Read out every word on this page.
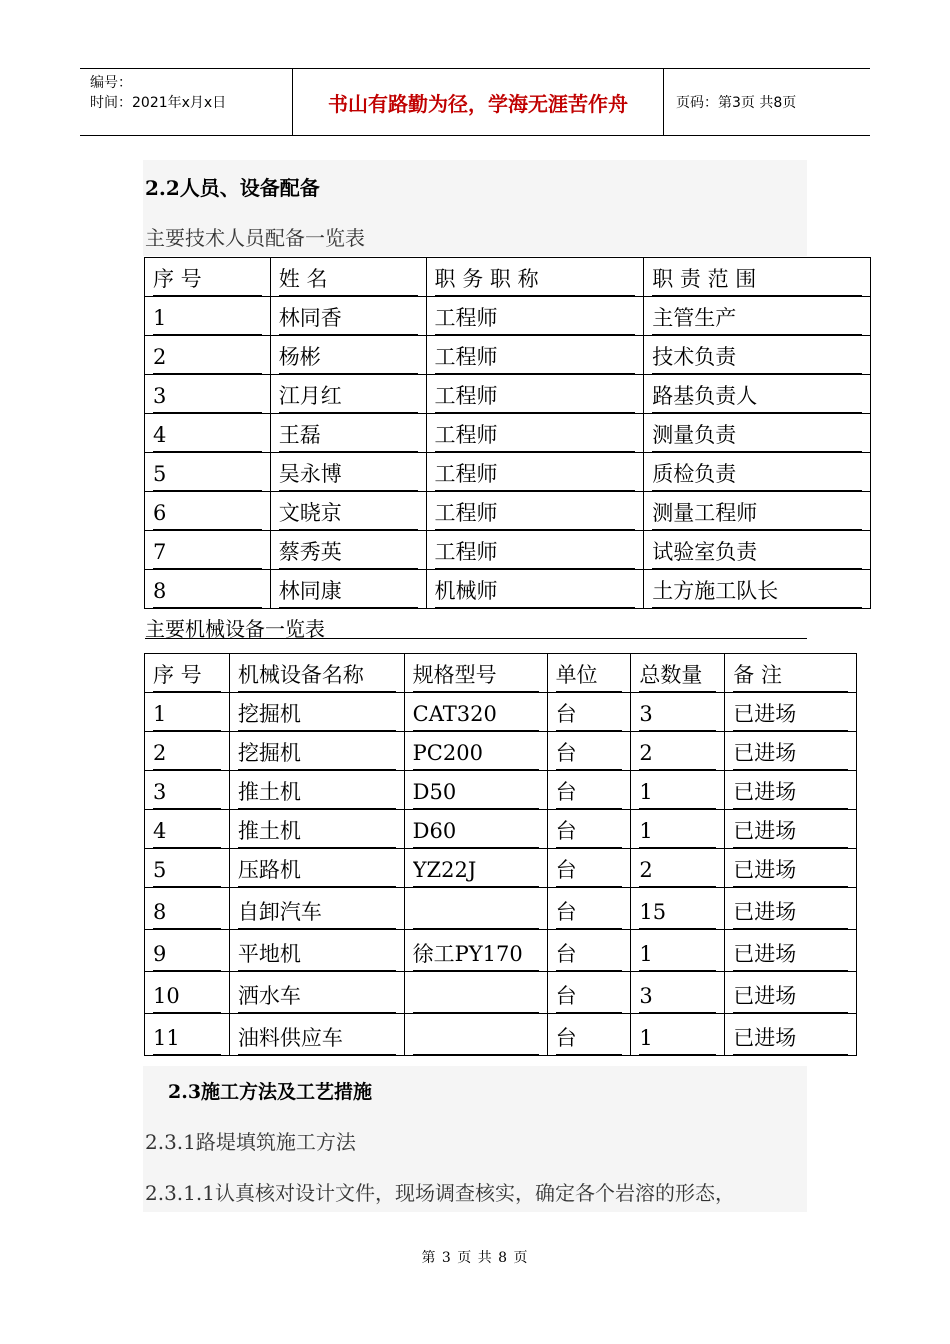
编号：
时间：2021年x月x日	书山有路勤为径，学海无涯苦作舟	页码：第3页 共8页
2.2人员、设备配备
主要技术人员配备一览表
序 号	姓 名	职 务 职 称	职 责 范 围

1	林同香	工程师	主管生产

2	杨彬	工程师	技术负责

3	江月红	工程师	路基负责人

4	王磊	工程师	测量负责

5	吴永博	工程师	质检负责

6	文晓京	工程师	测量工程师

7	蔡秀英	工程师	试验室负责

8	林同康	机械师	土方施工队长
主要机械设备一览表
序 号	机械设备名称	规格型号	单位	总数量	备 注

1	挖掘机	CAT320	台	3	已进场

2	挖掘机	PC200	台	2	已进场

3	推土机	D50	台	1	已进场

4	推土机	D60	台	1	已进场

5	压路机	YZ22J	台	2	已进场

8	自卸汽车		台	15	已进场

9	平地机	徐工PY170	台	1	已进场

10	洒水车		台	3	已进场

11	油料供应车		台	1	已进场
2.3施工方法及工艺措施
2.3.1路堤填筑施工方法
2.3.1.1认真核对设计文件，现场调查核实，确定各个岩溶的形态，
第 3 页 共 8 页
